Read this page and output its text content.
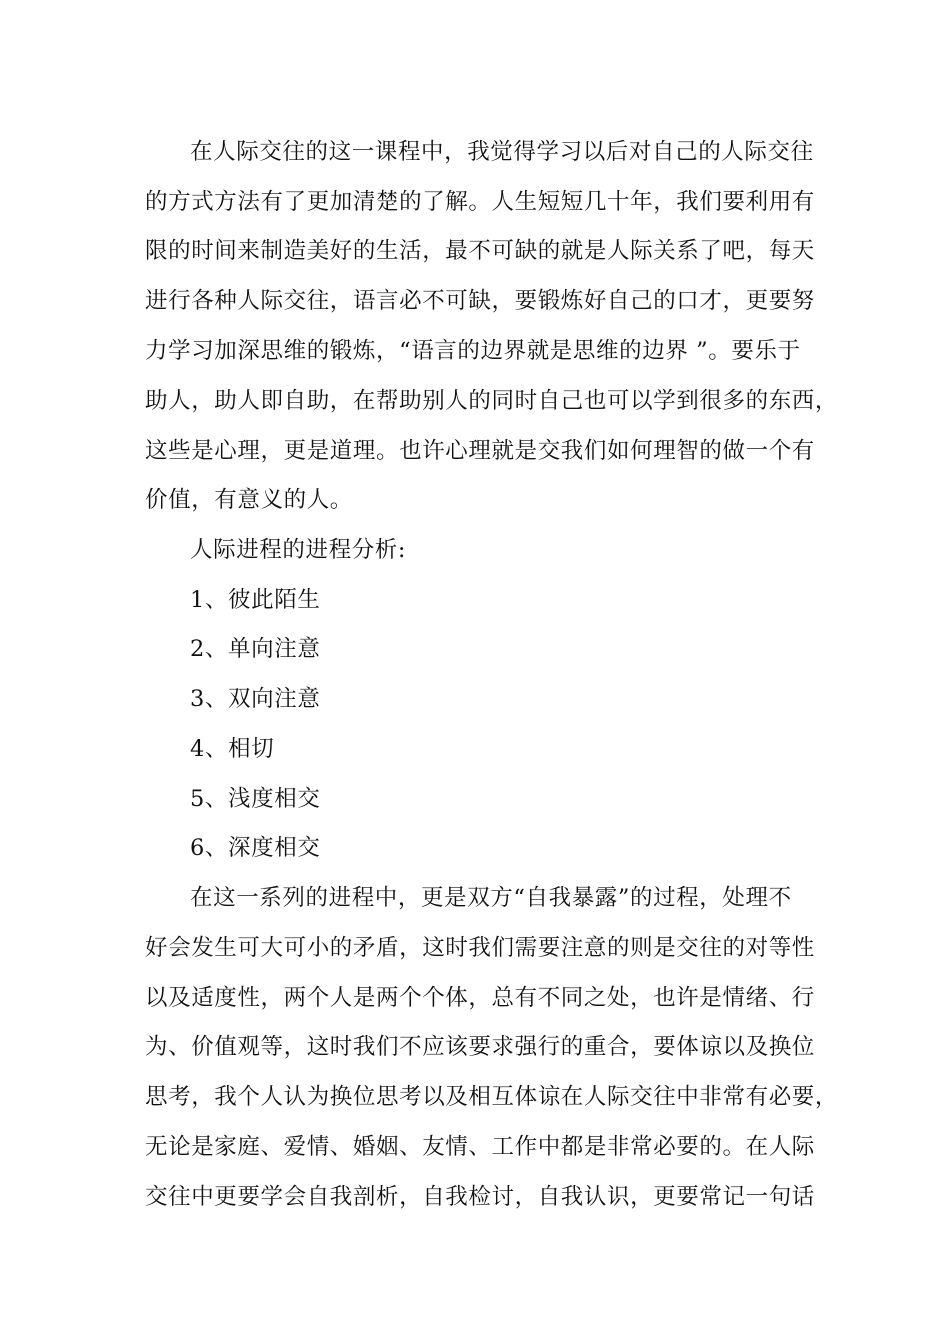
在人际交往的这一课程中，我觉得学习以后对自己的人际交往
的方式方法有了更加清楚的了解。人生短短几十年，我们要利用有
限的时间来制造美好的生活，最不可缺的就是人际关系了吧，每天
进行各种人际交往，语言必不可缺，要锻炼好自己的口才，更要努
力学习加深思维的锻炼，“语言的边界就是思维的边界 ”。要乐于
助人，助人即自助，在帮助别人的同时自己也可以学到很多的东西，
这些是心理，更是道理。也许心理就是交我们如何理智的做一个有
价值，有意义的人。
人际进程的进程分析:
1、彼此陌生
2、单向注意
3、双向注意
4、相切
5、浅度相交
6、深度相交
在这一系列的进程中，更是双方“自我暴露”的过程，处理不
好会发生可大可小的矛盾，这时我们需要注意的则是交往的对等性
以及适度性，两个人是两个个体，总有不同之处，也许是情绪、行
为、价值观等，这时我们不应该要求强行的重合，要体谅以及换位
思考，我个人认为换位思考以及相互体谅在人际交往中非常有必要，
无论是家庭、爱情、婚姻、友情、工作中都是非常必要的。在人际
交往中更要学会自我剖析，自我检讨，自我认识，更要常记一句话
